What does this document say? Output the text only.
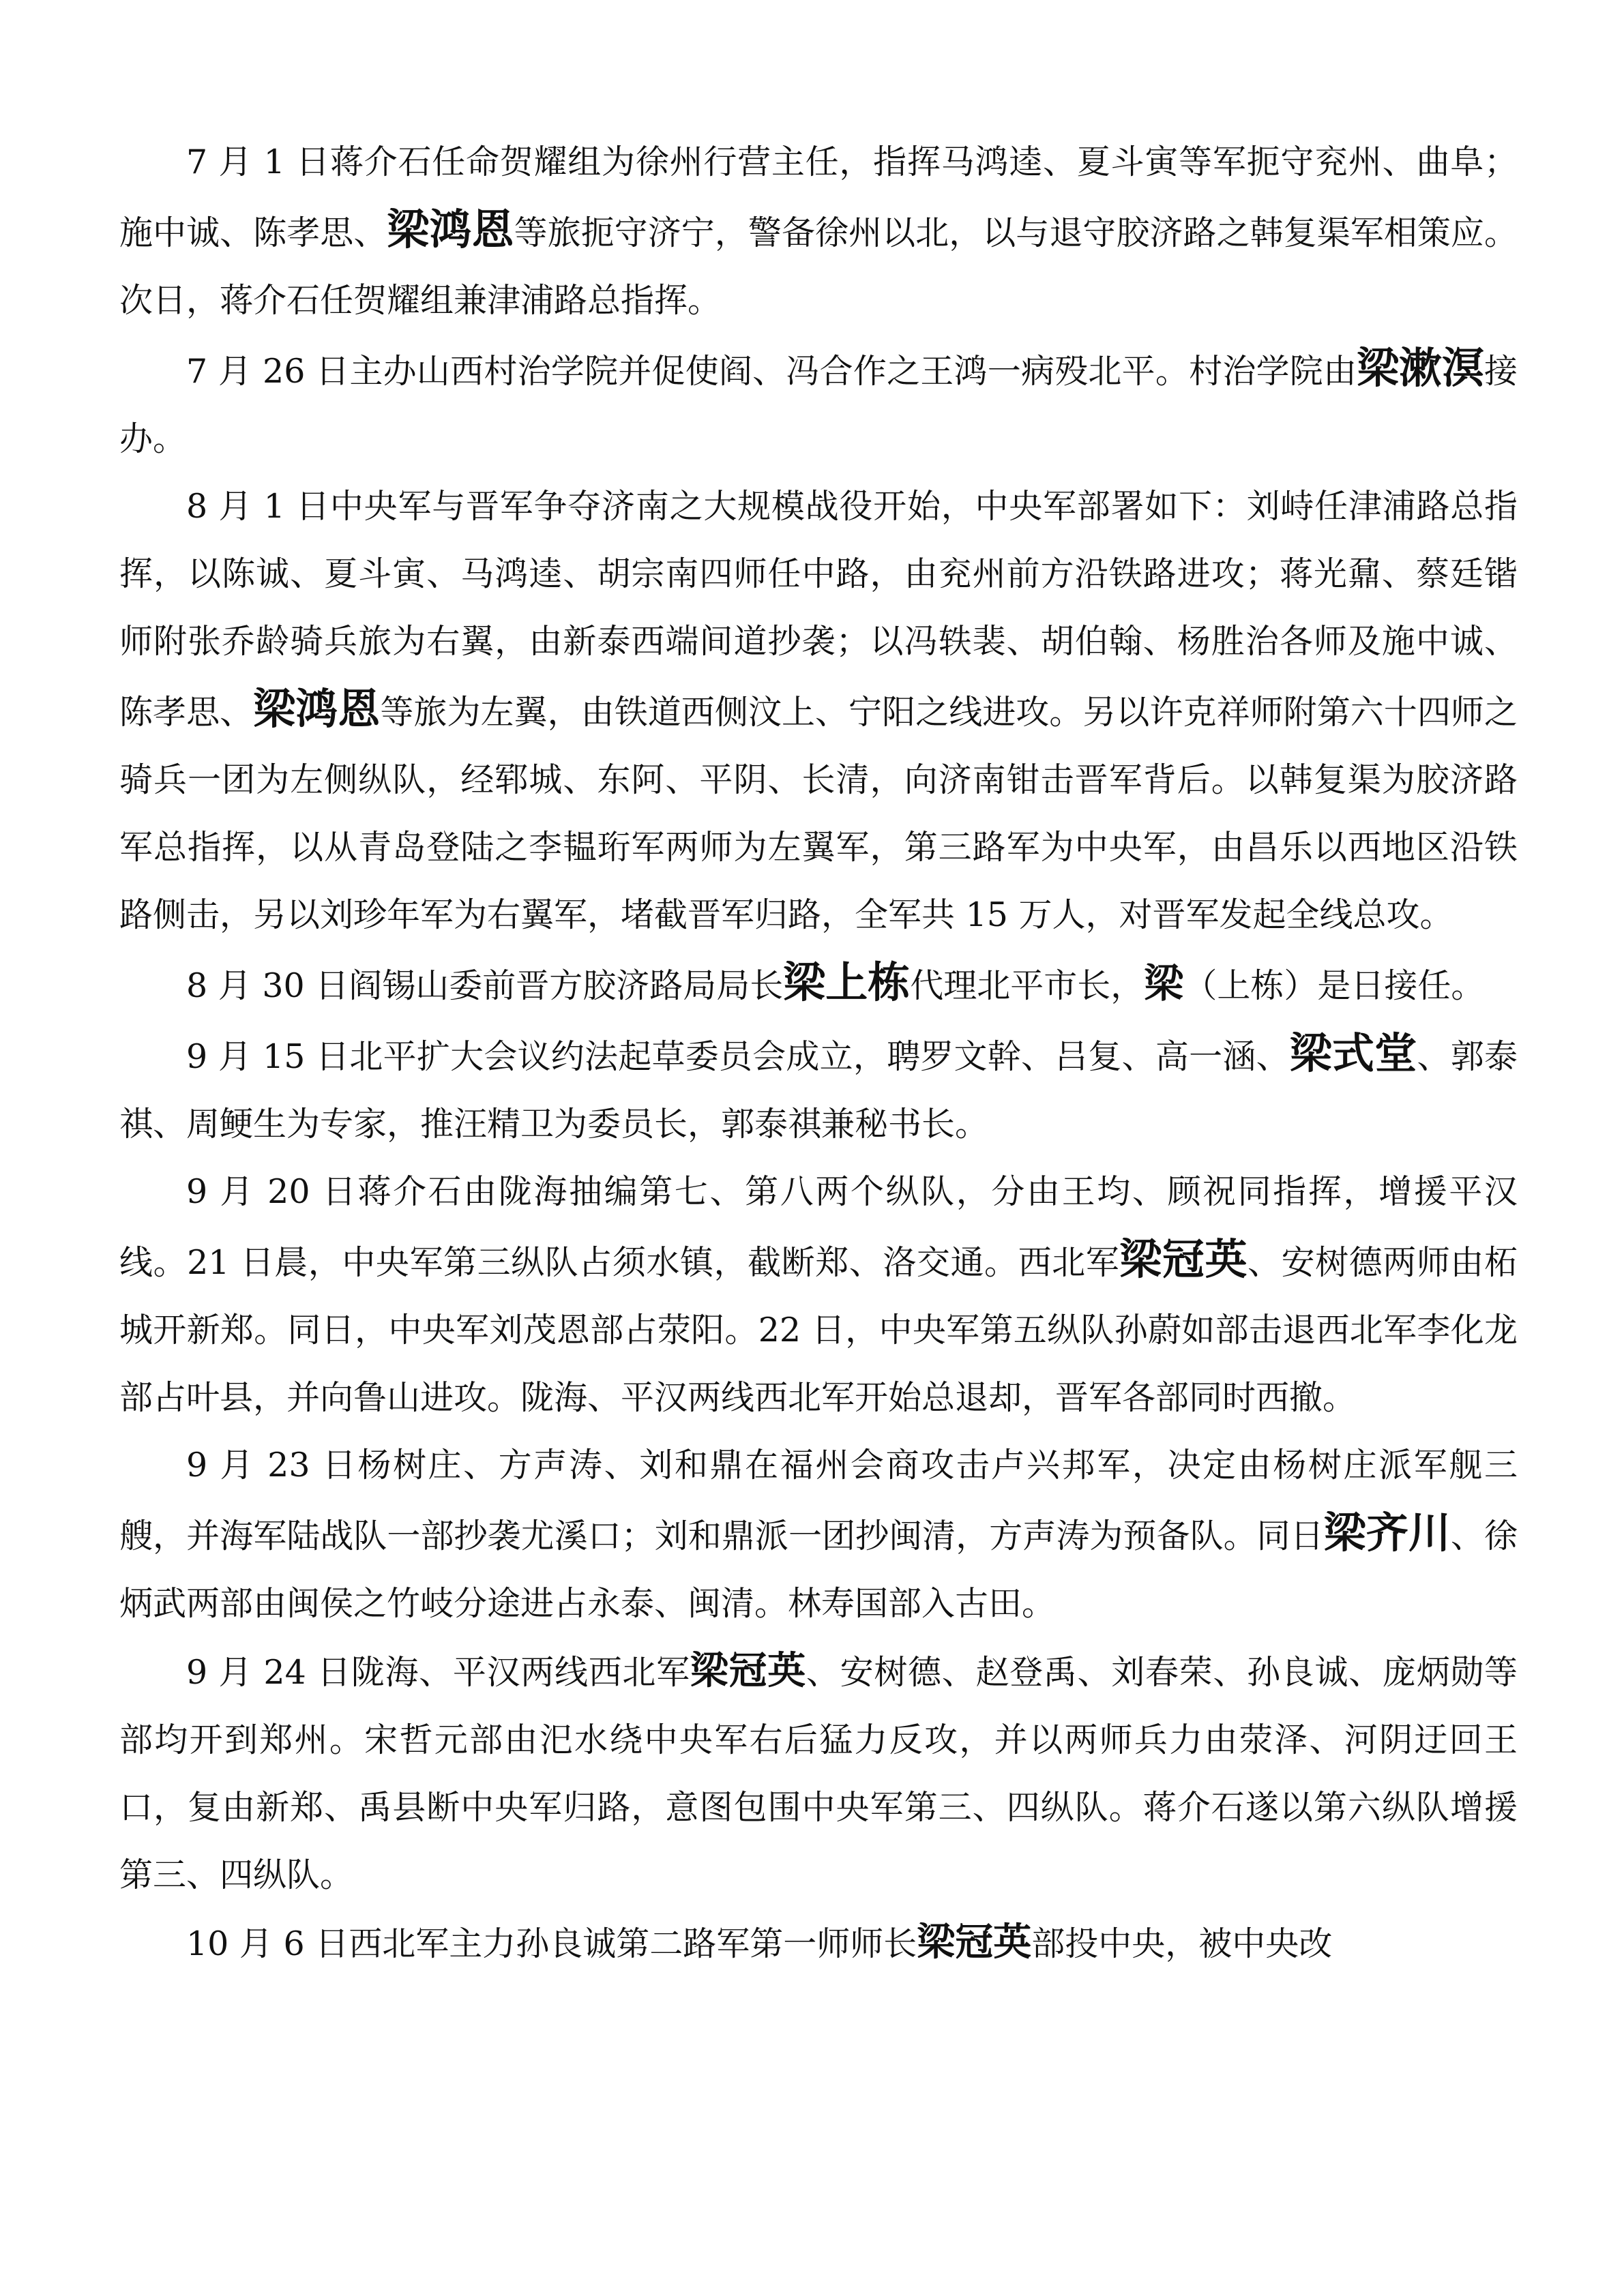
7 月 1 日蒋介石任命贺耀组为徐州行营主任，指挥马鸿逵、夏斗寅等军扼守兖州、曲阜；施中诚、陈孝思、梁鸿恩等旅扼守济宁，警备徐州以北，以与退守胶济路之韩复渠军相策应。次日，蒋介石任贺耀组兼津浦路总指挥。

7 月 26 日主办山西村治学院并促使阎、冯合作之王鸿一病殁北平。村治学院由梁漱溟接办。

8 月 1 日中央军与晋军争夺济南之大规模战役开始，中央军部署如下：刘峙任津浦路总指挥，以陈诚、夏斗寅、马鸿逵、胡宗南四师任中路，由兖州前方沿铁路进攻；蒋光鼐、蔡廷锴师附张乔龄骑兵旅为右翼，由新泰西端间道抄袭；以冯轶裴、胡伯翰、杨胜治各师及施中诚、陈孝思、梁鸿恩等旅为左翼，由铁道西侧汶上、宁阳之线进攻。另以许克祥师附第六十四师之骑兵一团为左侧纵队，经郓城、东阿、平阴、长清，向济南钳击晋军背后。以韩复渠为胶济路军总指挥，以从青岛登陆之李韫珩军两师为左翼军，第三路军为中央军，由昌乐以西地区沿铁路侧击，另以刘珍年军为右翼军，堵截晋军归路，全军共 15 万人，对晋军发起全线总攻。

8 月 30 日阎锡山委前晋方胶济路局局长梁上栋代理北平市长，梁（上栋）是日接任。

9 月 15 日北平扩大会议约法起草委员会成立，聘罗文幹、吕复、高一涵、梁式堂、郭泰祺、周鲠生为专家，推汪精卫为委员长，郭泰祺兼秘书长。

9 月 20 日蒋介石由陇海抽编第七、第八两个纵队，分由王均、顾祝同指挥，增援平汉线。21 日晨，中央军第三纵队占须水镇，截断郑、洛交通。西北军梁冠英、安树德两师由柘城开新郑。同日，中央军刘茂恩部占荥阳。22 日，中央军第五纵队孙蔚如部击退西北军李化龙部占叶县，并向鲁山进攻。陇海、平汉两线西北军开始总退却，晋军各部同时西撤。

9 月 23 日杨树庄、方声涛、刘和鼎在福州会商攻击卢兴邦军，决定由杨树庄派军舰三艘，并海军陆战队一部抄袭尤溪口；刘和鼎派一团抄闽清，方声涛为预备队。同日梁齐川、徐炳武两部由闽侯之竹岐分途进占永泰、闽清。林寿国部入古田。

9 月 24 日陇海、平汉两线西北军梁冠英、安树德、赵登禹、刘春荣、孙良诚、庞炳勋等部均开到郑州。宋哲元部由汜水绕中央军右后猛力反攻，并以两师兵力由荥泽、河阴迂回王口，复由新郑、禹县断中央军归路，意图包围中央军第三、四纵队。蒋介石遂以第六纵队增援第三、四纵队。

10 月 6 日西北军主力孙良诚第二路军第一师师长梁冠英部投中央，被中央改
